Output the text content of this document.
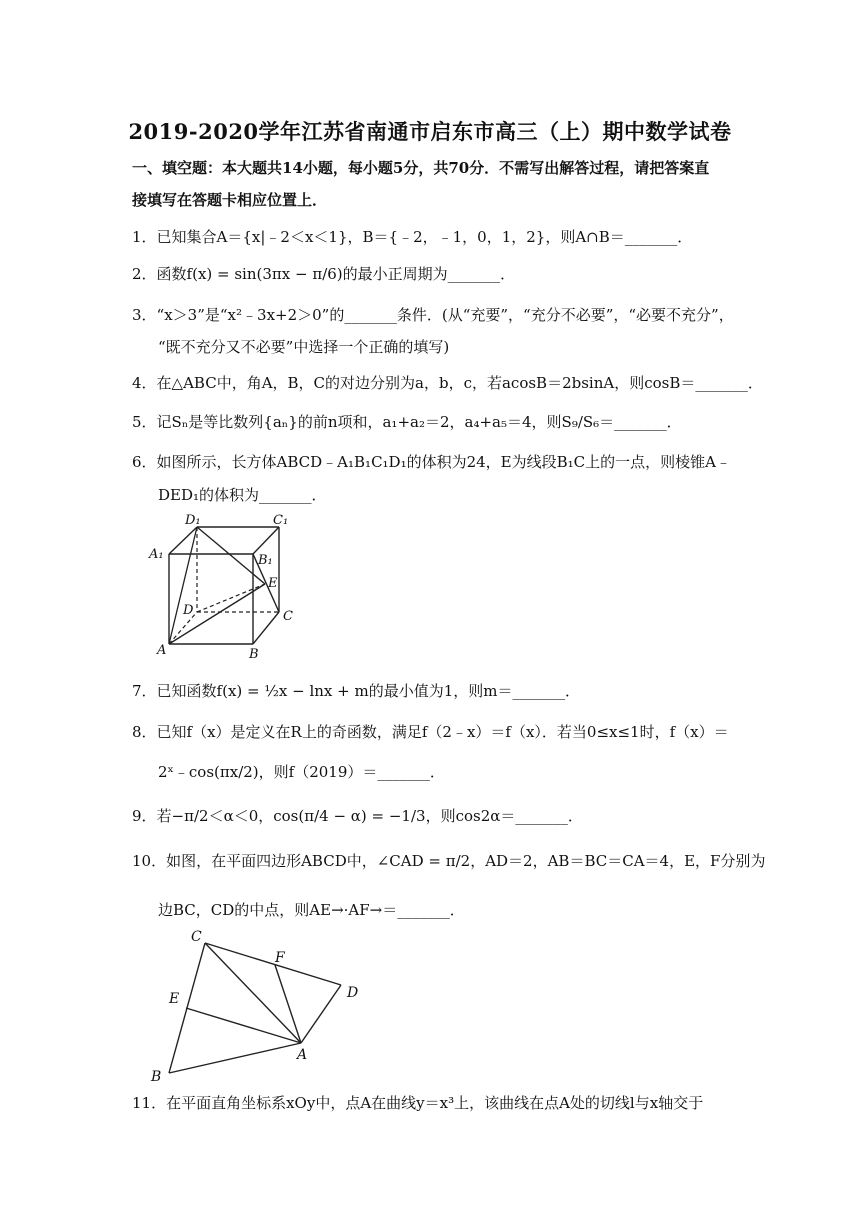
2019-2020学年江苏省南通市启东市高三（上）期中数学试卷
一、填空题：本大题共14小题，每小题5分，共70分．不需写出解答过程，请把答案直
接填写在答题卡相应位置上．
1．已知集合A＝{x|﹣2＜x＜1}，B＝{﹣2，﹣1，0，1，2}，则A∩B＝_______．
2．函数f(x) = sin(3πx − π/6)的最小正周期为_______．
3．“x＞3”是“x²﹣3x+2＞0”的_______条件．(从“充要”，“充分不必要”，“必要不充分”，
“既不充分又不必要”中选择一个正确的填写)
4．在△ABC中，角A，B，C的对边分别为a，b，c，若acosB＝2bsinA，则cosB＝_______．
5．记Sₙ是等比数列{aₙ}的前n项和，a₁+a₂＝2，a₄+a₅＝4，则S₉/S₆＝_______．
6．如图所示，长方体ABCD﹣A₁B₁C₁D₁的体积为24，E为线段B₁C上的一点，则棱锥A﹣
DED₁的体积为_______．
D₁	C₁
A₁	B₁
E
D	C
A	B
7．已知函数f(x) = ½x − lnx + m的最小值为1，则m＝_______．
8．已知f（x）是定义在R上的奇函数，满足f（2﹣x）＝f（x）．若当0≤x≤1时，f（x）＝
2ˣ﹣cos(πx/2)，则f（2019）＝_______．
9．若−π/2＜α＜0，cos(π/4 − α) = −1/3，则cos2α＝_______．
10．如图，在平面四边形ABCD中，∠CAD = π/2，AD＝2，AB＝BC＝CA＝4，E，F分别为
边BC，CD的中点，则AE→·AF→＝_______．
C
F
D
E
A
B
11．在平面直角坐标系xOy中，点A在曲线y＝x³上，该曲线在点A处的切线l与x轴交于
